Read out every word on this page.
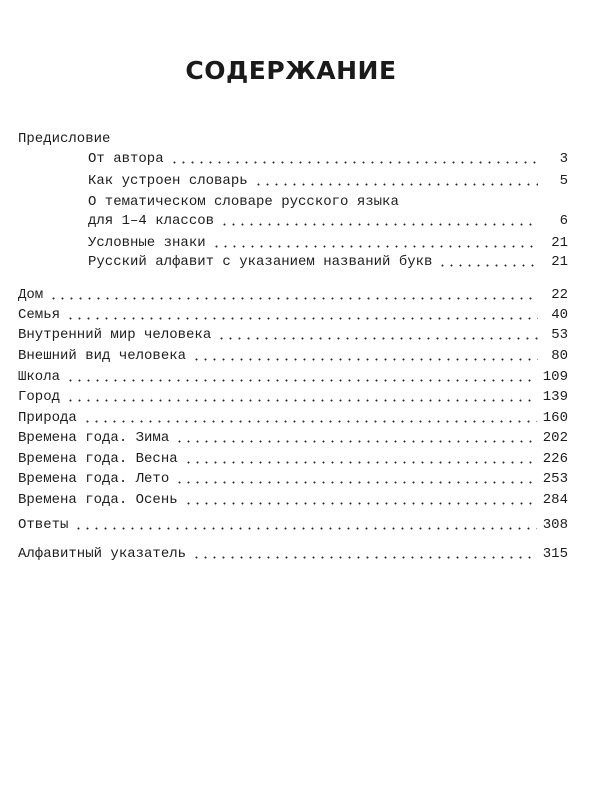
СОДЕРЖАНИЕ
Предисловие
От автора	3
Как устроен словарь	5
О тематическом словаре русского языка
для 1–4 классов	6
Условные знаки	21
Русский алфавит с указанием названий букв	21
Дом	22
Семья	40
Внутренний мир человека	53
Внешний вид человека	80
Школа	109
Город	139
Природа	160
Времена года. Зима	202
Времена года. Весна	226
Времена года. Лето	253
Времена года. Осень	284
Ответы	308
Алфавитный указатель	315
